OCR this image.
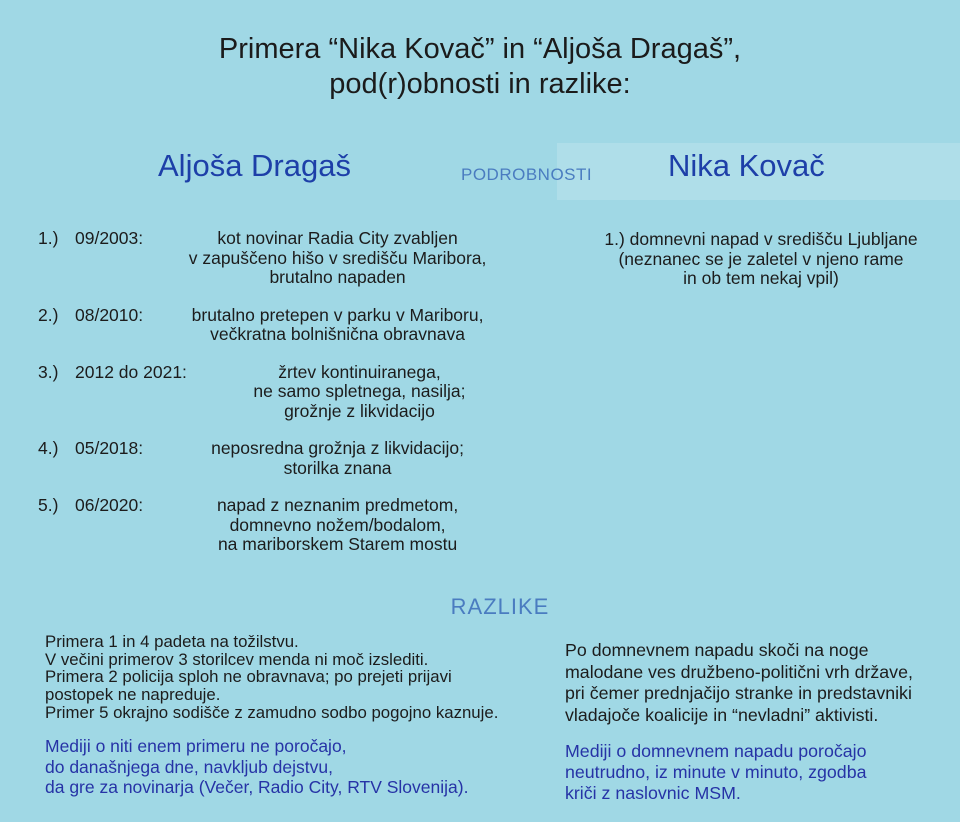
Primera “Nika Kovač” in “Aljoša Dragaš”,
pod(r)obnosti in razlike:
Aljoša Dragaš	PODROBNOSTI Nika Kovač
1.) 09/2003:	kot novinar Radia City zvabljen
v zapuščeno hišo v središču Maribora,
brutalno napaden
2.) 08/2010:	brutalno pretepen v parku v Mariboru,
večkratna bolnišnična obravnava
3.) 2012 do 2021:	žrtev kontinuiranega,
ne samo spletnega, nasilja;
grožnje z likvidacijo
4.) 05/2018:	neposredna grožnja z likvidacijo;
storilka znana
5.) 06/2020:	napad z neznanim predmetom,
domnevno nožem/bodalom,
na mariborskem Starem mostu
1.) domnevni napad v središču Ljubljane
(neznanec se je zaletel v njeno rame
in ob tem nekaj vpil)
RAZLIKE
Primera 1 in 4 padeta na tožilstvu.
V večini primerov 3 storilcev menda ni moč izslediti.
Primera 2 policija sploh ne obravnava; po prejeti prijavi
postopek ne napreduje.
Primer 5 okrajno sodišče z zamudno sodbo pogojno kaznuje.
Mediji o niti enem primeru ne poročajo,
do današnjega dne, navkljub dejstvu,
da gre za novinarja (Večer, Radio City, RTV Slovenija).
Po domnevnem napadu skoči na noge
malodane ves družbeno-politični vrh države,
pri čemer prednjačijo stranke in predstavniki
vladajoče koalicije in “nevladni” aktivisti.
Mediji o domnevnem napadu poročajo
neutrudno, iz minute v minuto, zgodba
kriči z naslovnic MSM.
